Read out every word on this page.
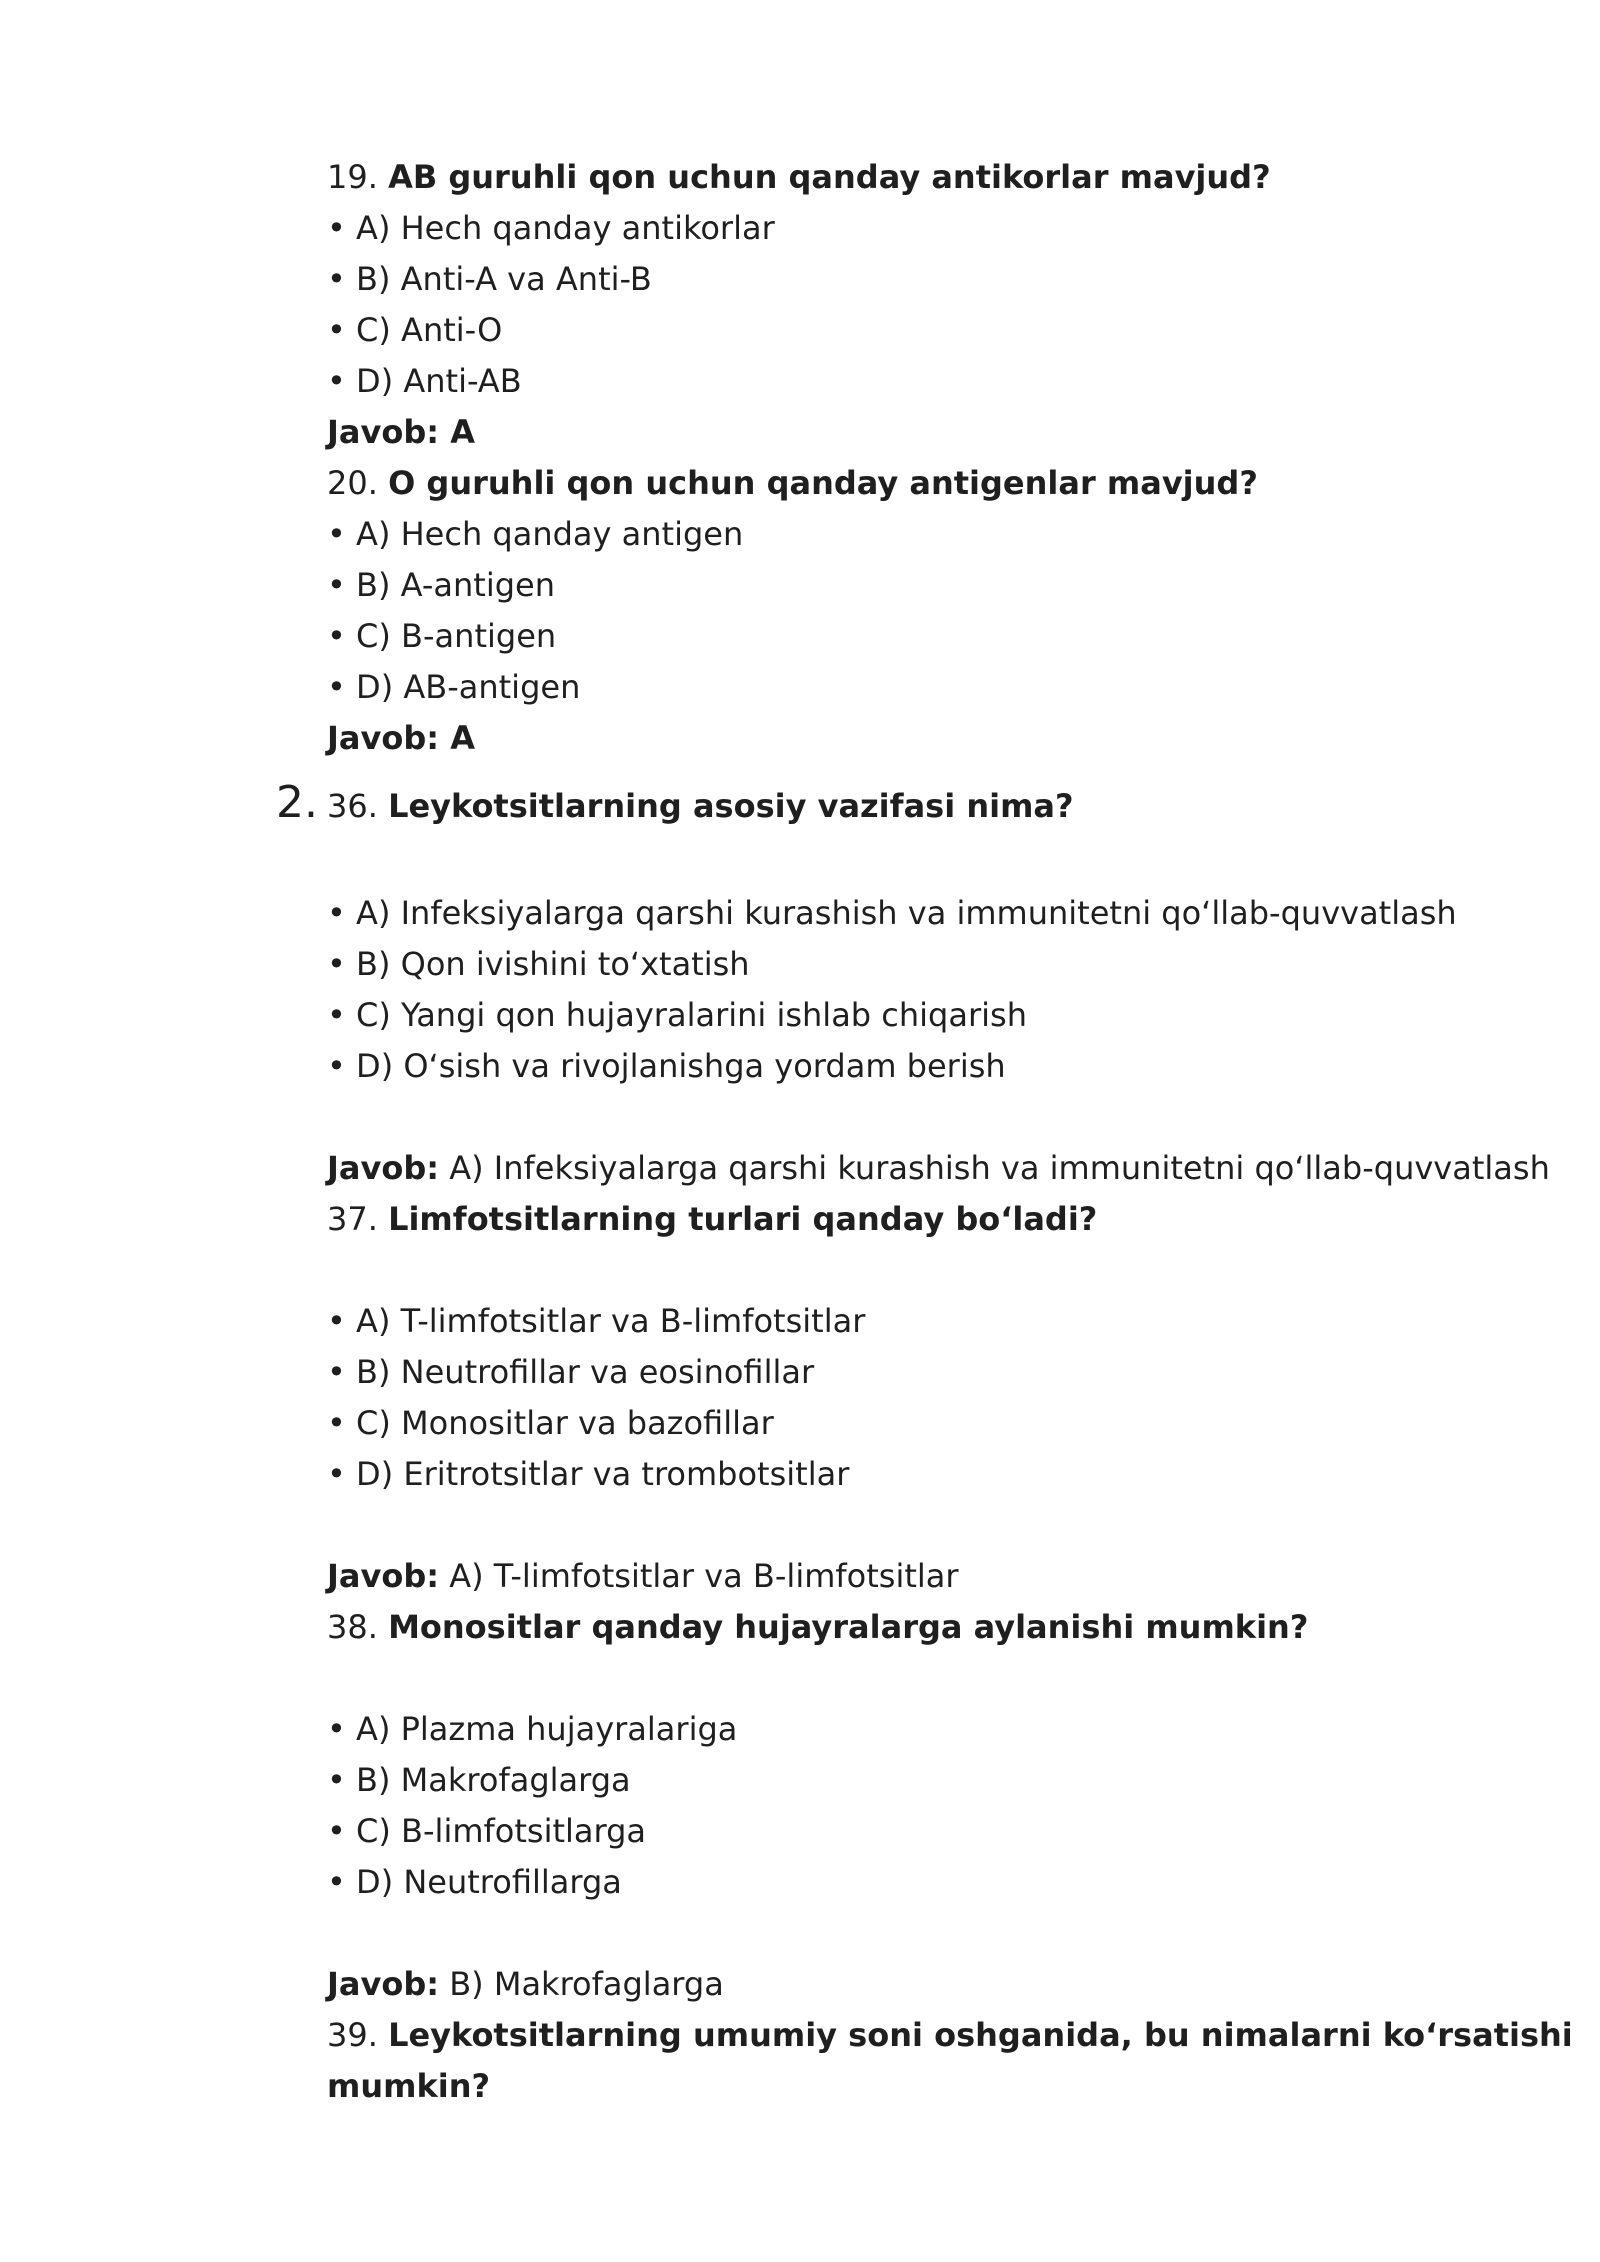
19. AB guruhli qon uchun qanday antikorlar mavjud?
• A) Hech qanday antikorlar
• B) Anti-A va Anti-B
• C) Anti-O
• D) Anti-AB
Javob: A
20. O guruhli qon uchun qanday antigenlar mavjud?
• A) Hech qanday antigen
• B) A-antigen
• C) B-antigen
• D) AB-antigen
Javob: A
2. 36. Leykotsitlarning asosiy vazifasi nima?
• A) Infeksiyalarga qarshi kurashish va immunitetni qoʻllab-quvvatlash
• B) Qon ivishini toʻxtatish
• C) Yangi qon hujayralarini ishlab chiqarish
• D) Oʻsish va rivojlanishga yordam berish
Javob: A) Infeksiyalarga qarshi kurashish va immunitetni qoʻllab-quvvatlash
37. Limfotsitlarning turlari qanday boʻladi?
• A) T-limfotsitlar va B-limfotsitlar
• B) Neutrofillar va eosinofillar
• C) Monositlar va bazofillar
• D) Eritrotsitlar va trombotsitlar
Javob: A) T-limfotsitlar va B-limfotsitlar
38. Monositlar qanday hujayralarga aylanishi mumkin?
• A) Plazma hujayralariga
• B) Makrofaglarga
• C) B-limfotsitlarga
• D) Neutrofillarga
Javob: B) Makrofaglarga
39. Leykotsitlarning umumiy soni oshganida, bu nimalarni koʻrsatishi
mumkin?
